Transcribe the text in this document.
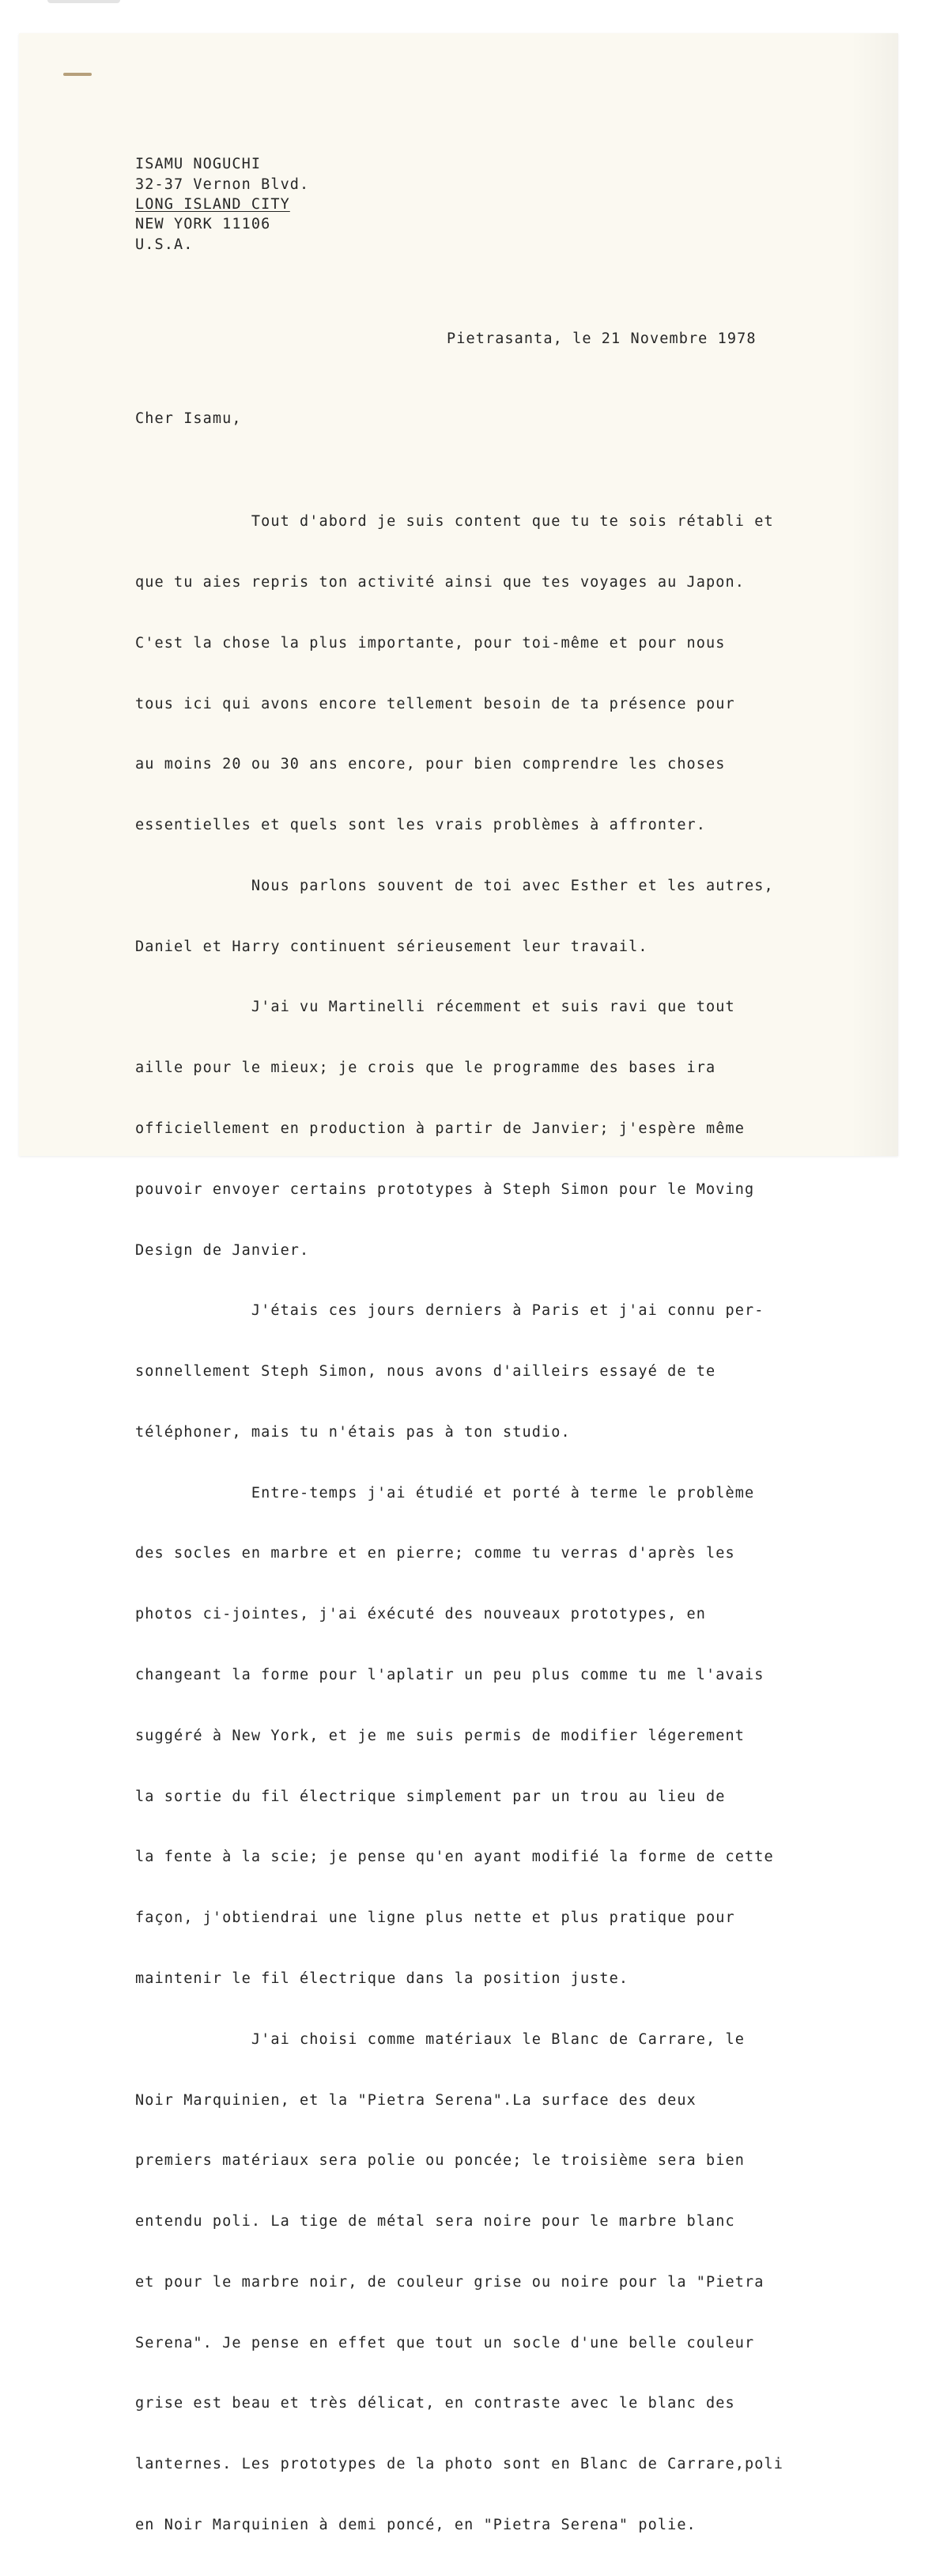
ISAMU NOGUCHI

32-37 Vernon Blvd.

LONG ISLAND CITY

NEW YORK 11106

U.S.A.

Pietrasanta, le 21 Novembre 1978

Cher Isamu,

Tout d'abord je suis content que tu te sois rétabli et

que tu aies repris ton activité ainsi que tes voyages au Japon.

C'est la chose la plus importante, pour toi-même et pour nous

tous ici qui avons encore tellement besoin de ta présence pour

au moins 20 ou 30 ans encore, pour bien comprendre les choses

essentielles et quels sont les vrais problèmes à affronter.

Nous parlons souvent de toi avec Esther et les autres,

Daniel et Harry continuent sérieusement leur travail.

J'ai vu Martinelli récemment et suis ravi que tout

aille pour le mieux; je crois que le programme des bases ira

officiellement en production à partir de Janvier; j'espère même

pouvoir envoyer certains prototypes à Steph Simon pour le Moving

Design de Janvier.

J'étais ces jours derniers à Paris et j'ai connu per-

sonnellement Steph Simon, nous avons d'ailleirs essayé de te

téléphoner, mais tu n'étais pas à ton studio.

Entre-temps j'ai étudié et porté à terme le problème

des socles en marbre et en pierre; comme tu verras d'après les

photos ci-jointes, j'ai éxécuté des nouveaux prototypes, en

changeant la forme pour l'aplatir un peu plus comme tu me l'avais

suggéré à New York, et je me suis permis de modifier légerement

la sortie du fil électrique simplement par un trou au lieu de

la fente à la scie; je pense qu'en ayant modifié la forme de cette

façon, j'obtiendrai une ligne plus nette et plus pratique pour

maintenir le fil électrique dans la position juste.

J'ai choisi comme matériaux le Blanc de Carrare, le

Noir Marquinien, et la "Pietra Serena".La surface des deux

premiers matériaux sera polie ou poncée; le troisième sera bien

entendu poli. La tige de métal sera noire pour le marbre blanc

et pour le marbre noir, de couleur grise ou noire pour la "Pietra

Serena". Je pense en effet que tout un socle d'une belle couleur

grise est beau et très délicat, en contraste avec le blanc des

lanternes. Les prototypes de la photo sont en Blanc de Carrare,poli

en Noir Marquinien à demi poncé, en "Pietra Serena" polie.
